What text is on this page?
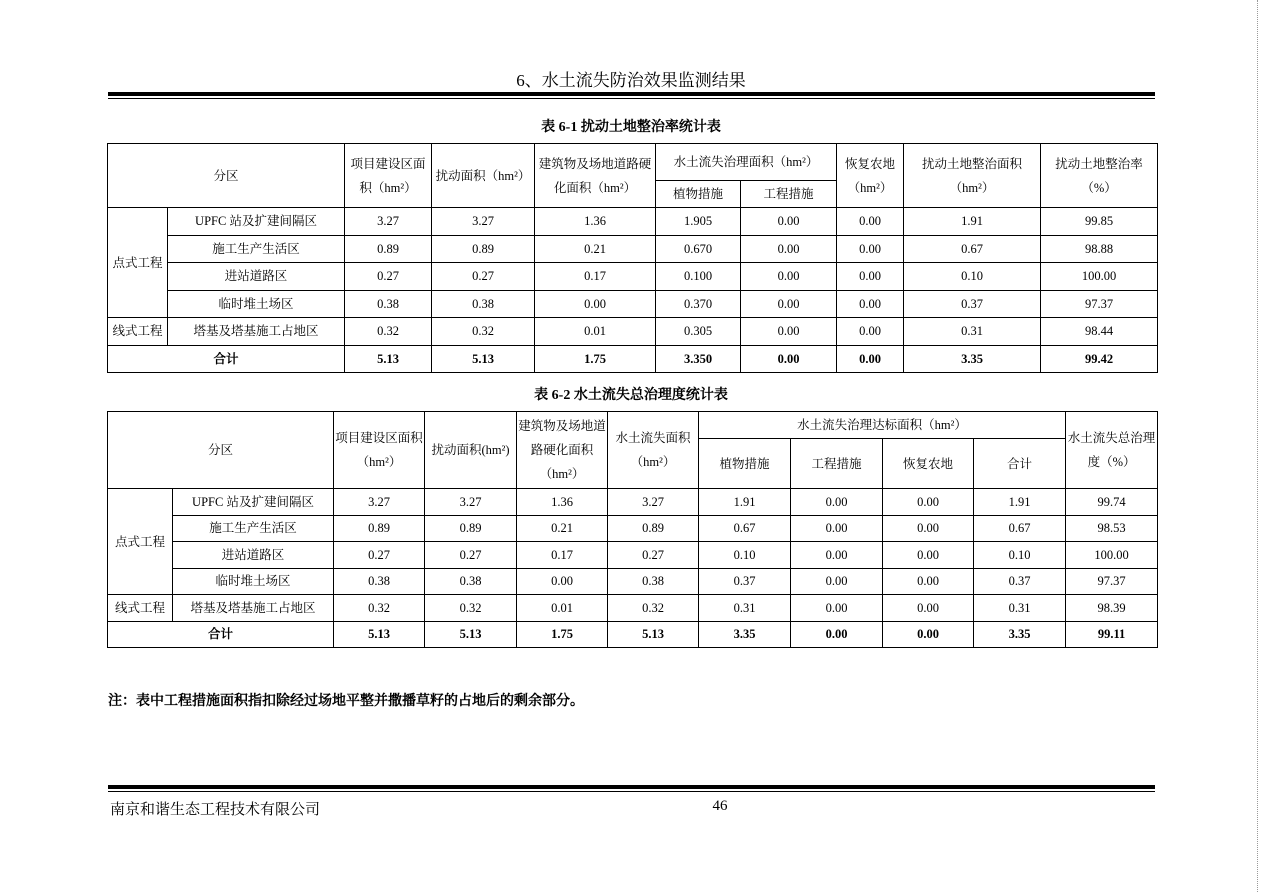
6、水土流失防治效果监测结果
表 6-1 扰动土地整治率统计表
分区		项目建设区面积（hm²）	扰动面积（hm²）	建筑物及场地道路硬化面积（hm²）	水土流失治理面积（hm²）		恢复农地（hm²）	扰动土地整治面积（hm²）	扰动土地整治率（%）
					植物措施	工程措施			
点式工程	UPFC 站及扩建间隔区	3.27	3.27	1.36	1.905	0.00	0.00	1.91	99.85
	施工生产生活区	0.89	0.89	0.21	0.670	0.00	0.00	0.67	98.88
	进站道路区	0.27	0.27	0.17	0.100	0.00	0.00	0.10	100.00
	临时堆土场区	0.38	0.38	0.00	0.370	0.00	0.00	0.37	97.37
线式工程	塔基及塔基施工占地区	0.32	0.32	0.01	0.305	0.00	0.00	0.31	98.44
合计		5.13	5.13	1.75	3.350	0.00	0.00	3.35	99.42
表 6-2 水土流失总治理度统计表
分区		项目建设区面积（hm²）	扰动面积(hm²)	建筑物及场地道路硬化面积（hm²）	水土流失面积（hm²）	水土流失治理达标面积（hm²）				水土流失总治理度（%）
						植物措施	工程措施	恢复农地	合计	
点式工程	UPFC 站及扩建间隔区	3.27	3.27	1.36	3.27	1.91	0.00	0.00	1.91	99.74
	施工生产生活区	0.89	0.89	0.21	0.89	0.67	0.00	0.00	0.67	98.53
	进站道路区	0.27	0.27	0.17	0.27	0.10	0.00	0.00	0.10	100.00
	临时堆土场区	0.38	0.38	0.00	0.38	0.37	0.00	0.00	0.37	97.37
线式工程	塔基及塔基施工占地区	0.32	0.32	0.01	0.32	0.31	0.00	0.00	0.31	98.39
合计		5.13	5.13	1.75	5.13	3.35	0.00	0.00	3.35	99.11
注：表中工程措施面积指扣除经过场地平整并撒播草籽的占地后的剩余部分。
南京和谐生态工程技术有限公司	46
